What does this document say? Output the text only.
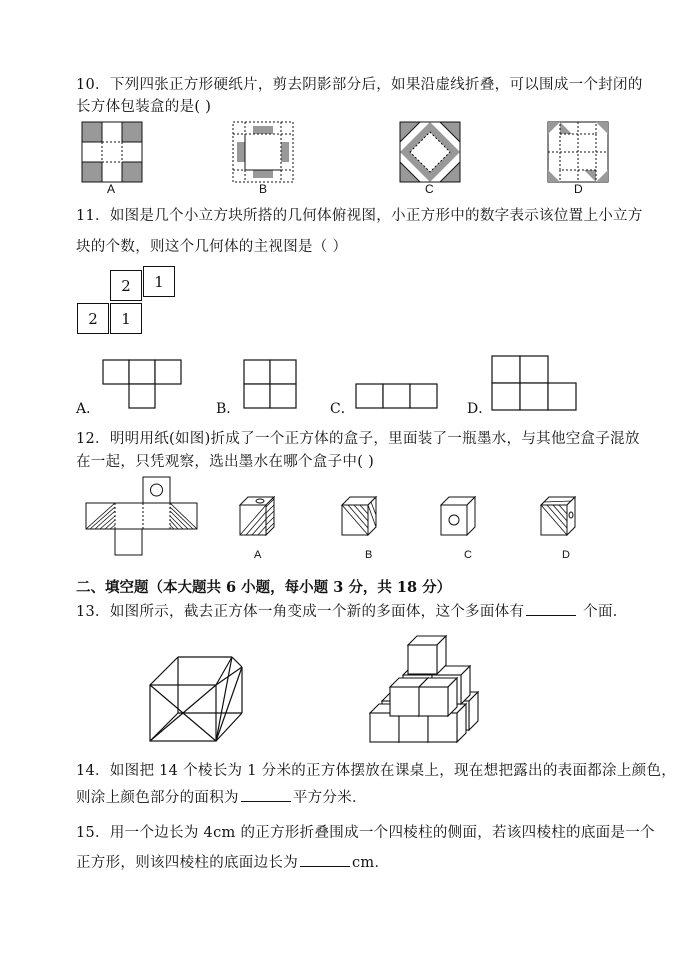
10．下列四张正方形硬纸片，剪去阴影部分后，如果沿虚线折叠，可以围成一个封闭的
长方体包装盒的是( )
A	B	C	D
11．如图是几个小立方块所搭的几何体俯视图，小正方形中的数字表示该位置上小立方
块的个数，则这个几何体的主视图是（ ）
2	1
2	1
A．	B．	C．	D．
12．明明用纸(如图)折成了一个正方体的盒子，里面装了一瓶墨水，与其他空盒子混放
在一起，只凭观察，选出墨水在哪个盒子中( )
A	B	C	D
二、填空题（本大题共 6 小题，每小题 3 分，共 18 分）
13．如图所示，截去正方体一角变成一个新的多面体，这个多面体有	个面．
14．如图把 14 个棱长为 1 分米的正方体摆放在课桌上，现在想把露出的表面都涂上颜色，
则涂上颜色部分的面积为	平方分米．
15．用一个边长为 4cm 的正方形折叠围成一个四棱柱的侧面，若该四棱柱的底面是一个
正方形，则该四棱柱的底面边长为	cm．
